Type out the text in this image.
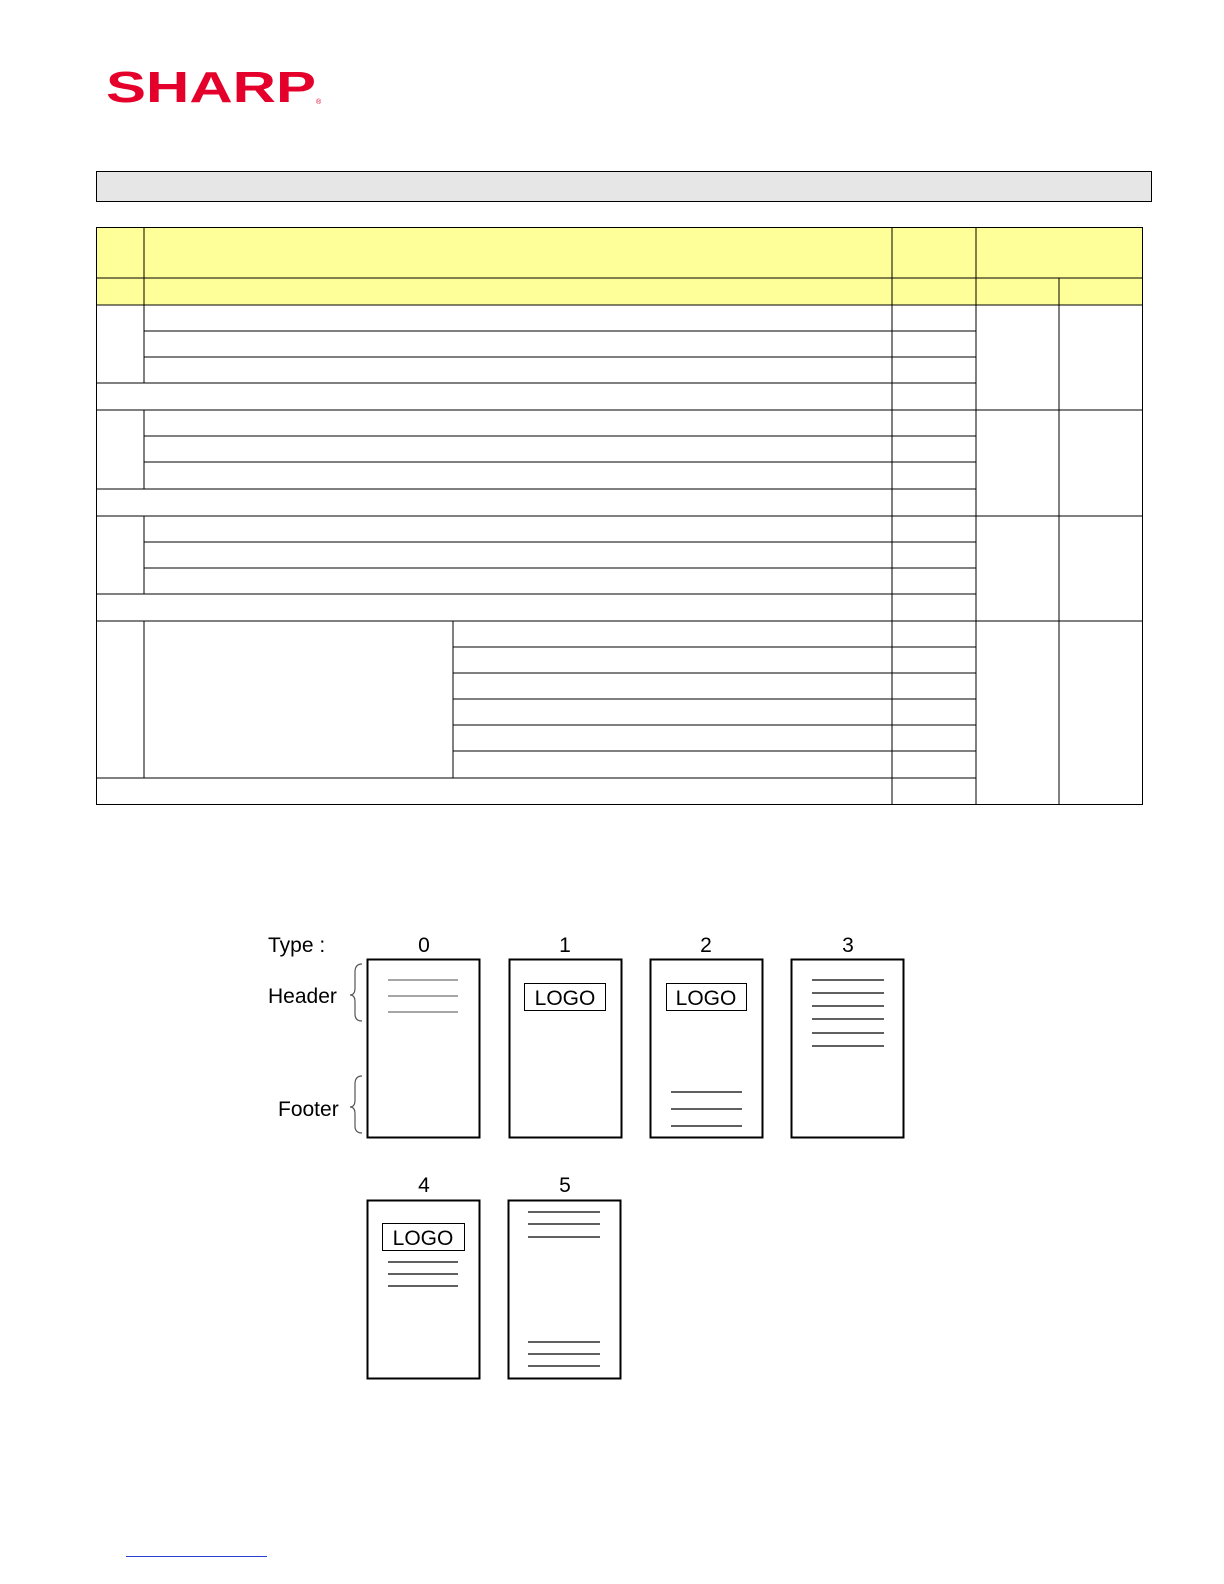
SHARP ®
Type :
Header
Footer
0	1	2	3
4	5
LOGO	LOGO
LOGO
